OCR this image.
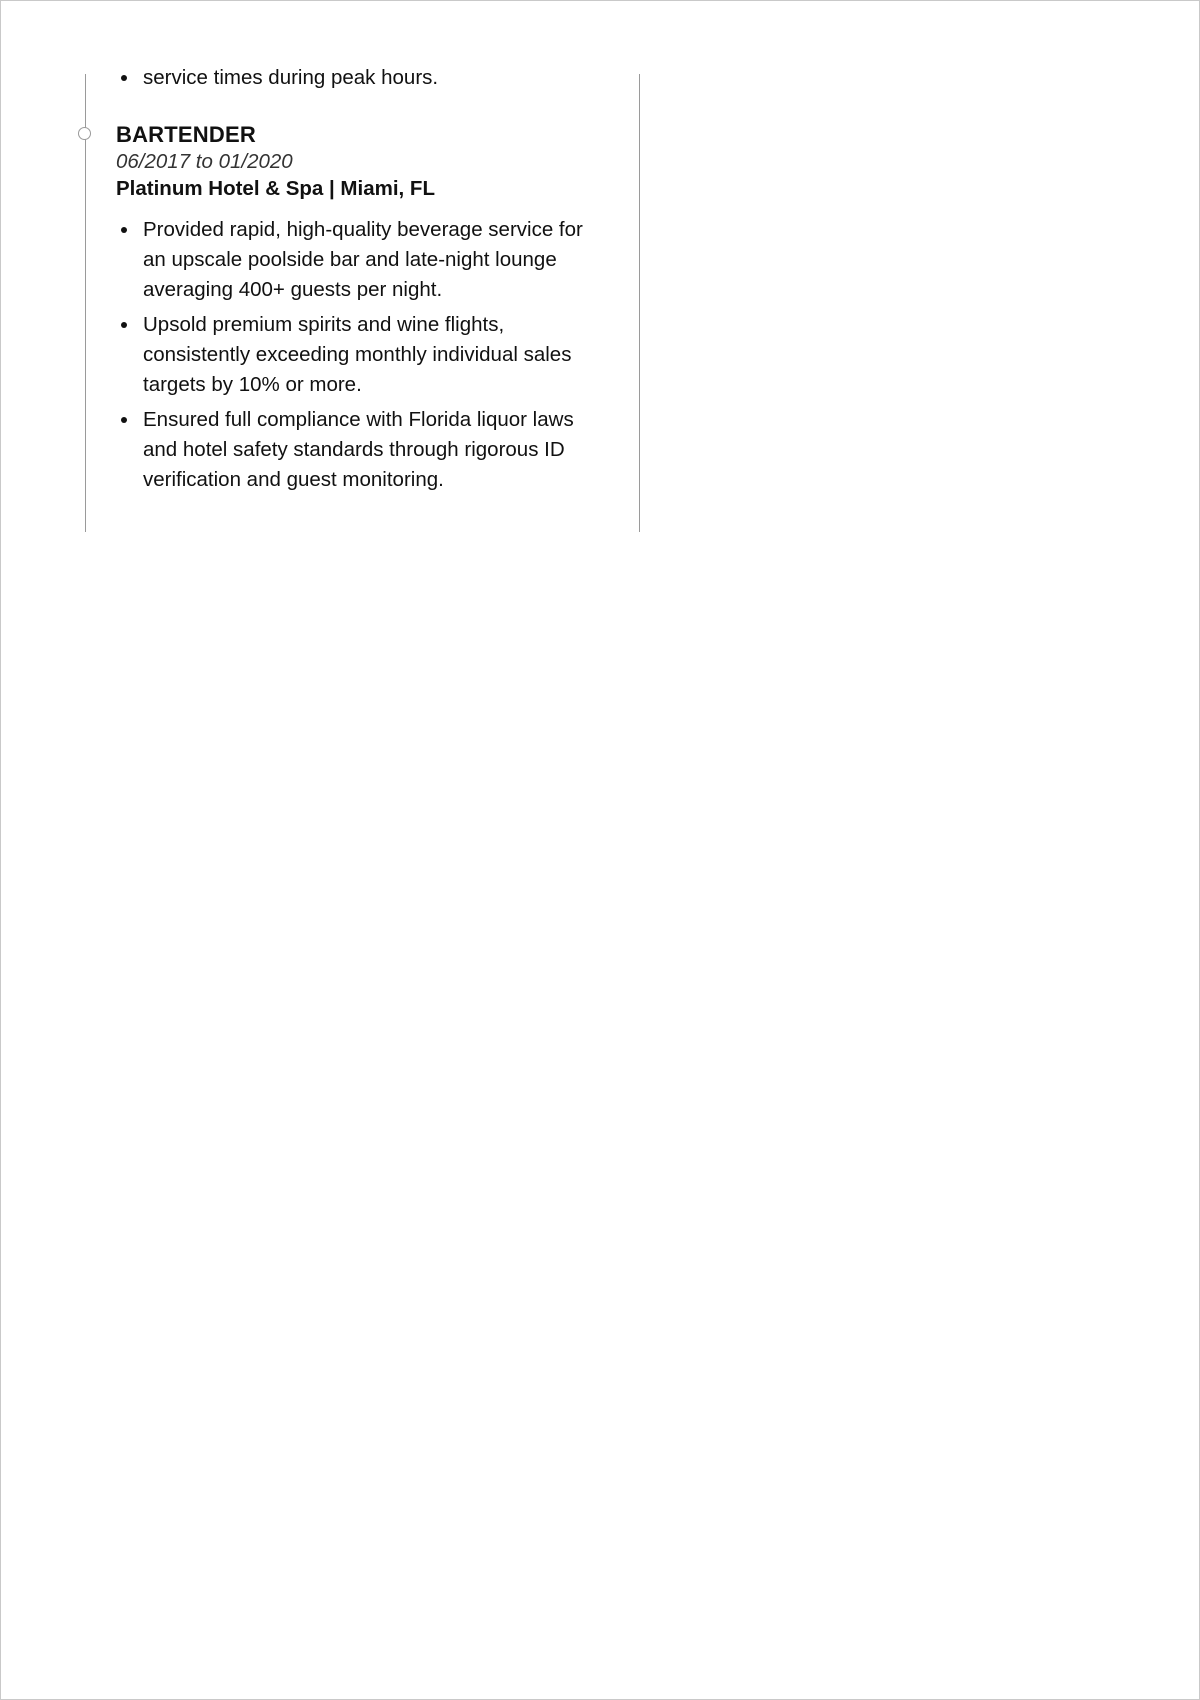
service times during peak hours.
BARTENDER
06/2017 to 01/2020
Platinum Hotel & Spa | Miami, FL
Provided rapid, high-quality beverage service for an upscale poolside bar and late-night lounge averaging 400+ guests per night.
Upsold premium spirits and wine flights, consistently exceeding monthly individual sales targets by 10% or more.
Ensured full compliance with Florida liquor laws and hotel safety standards through rigorous ID verification and guest monitoring.
